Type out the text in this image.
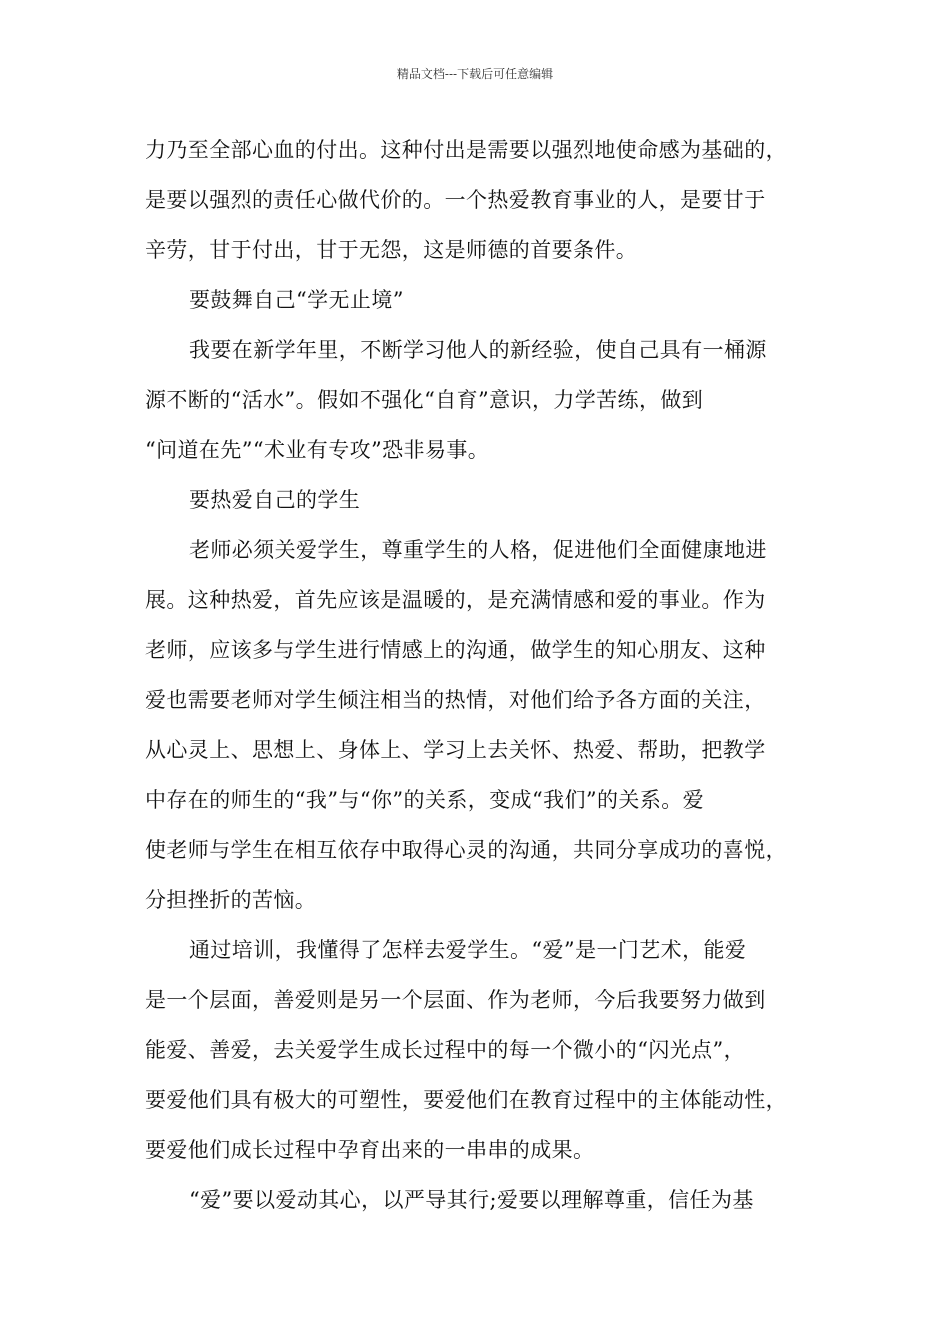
精品文档---下载后可任意编辑
力乃至全部心血的付出。这种付出是需要以强烈地使命感为基础的，
是要以强烈的责任心做代价的。一个热爱教育事业的人，是要甘于
辛劳，甘于付出，甘于无怨，这是师德的首要条件。
要鼓舞自己“学无止境”
我要在新学年里，不断学习他人的新经验，使自己具有一桶源
源不断的“活水”。假如不强化“自育”意识，力学苦练，做到
“问道在先”“术业有专攻”恐非易事。
要热爱自己的学生
老师必须关爱学生，尊重学生的人格，促进他们全面健康地进
展。这种热爱，首先应该是温暖的，是充满情感和爱的事业。作为
老师，应该多与学生进行情感上的沟通，做学生的知心朋友、这种
爱也需要老师对学生倾注相当的热情，对他们给予各方面的关注，
从心灵上、思想上、身体上、学习上去关怀、热爱、帮助，把教学
中存在的师生的“我”与“你”的关系，变成“我们”的关系。爱
使老师与学生在相互依存中取得心灵的沟通，共同分享成功的喜悦，
分担挫折的苦恼。
通过培训，我懂得了怎样去爱学生。“爱”是一门艺术，能爱
是一个层面，善爱则是另一个层面、作为老师，今后我要努力做到
能爱、善爱，去关爱学生成长过程中的每一个微小的“闪光点”，
要爱他们具有极大的可塑性，要爱他们在教育过程中的主体能动性，
要爱他们成长过程中孕育出来的一串串的成果。
“爱”要以爱动其心，以严导其行;爱要以理解尊重，信任为基
